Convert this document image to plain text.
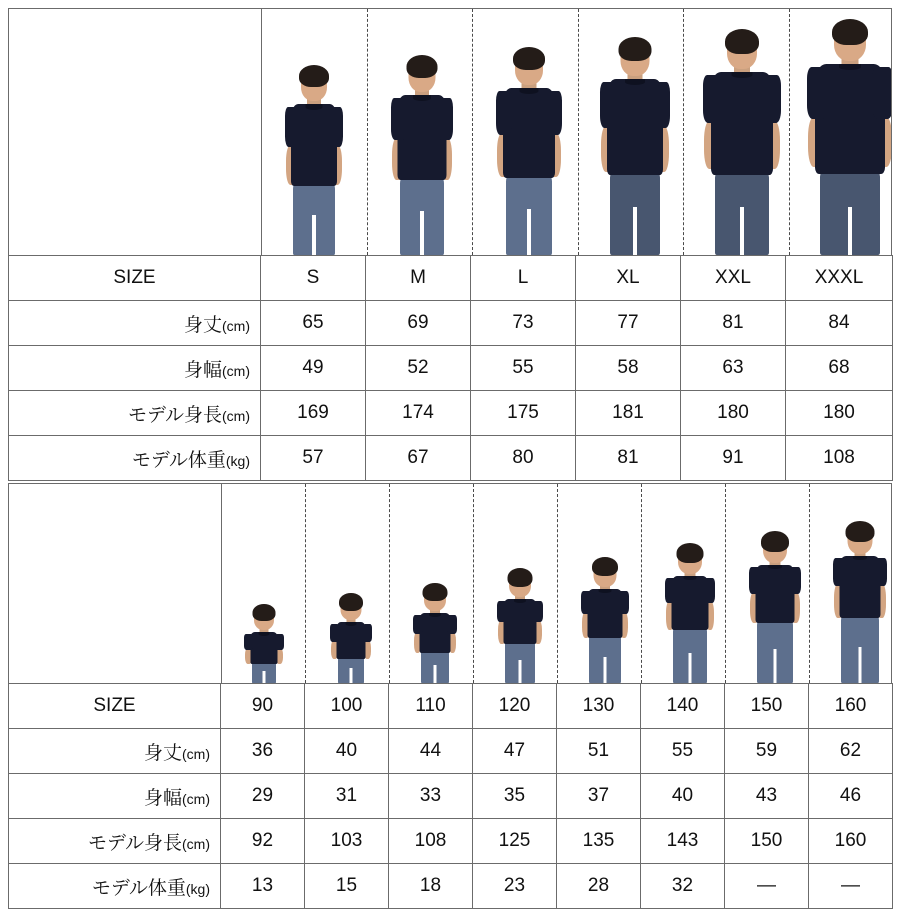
SIZE	S	M	L	XL	XXL	XXXL
身丈(cm)	65	69	73	77	81	84
身幅(cm)	49	52	55	58	63	68
モデル身長(cm)	169	174	175	181	180	180
モデル体重(kg)	57	67	80	81	91	108
SIZE	90	100	110	120	130	140	150	160
身丈(cm)	36	40	44	47	51	55	59	62
身幅(cm)	29	31	33	35	37	40	43	46
モデル身長(cm)	92	103	108	125	135	143	150	160
モデル体重(kg)	13	15	18	23	28	32	—	—
